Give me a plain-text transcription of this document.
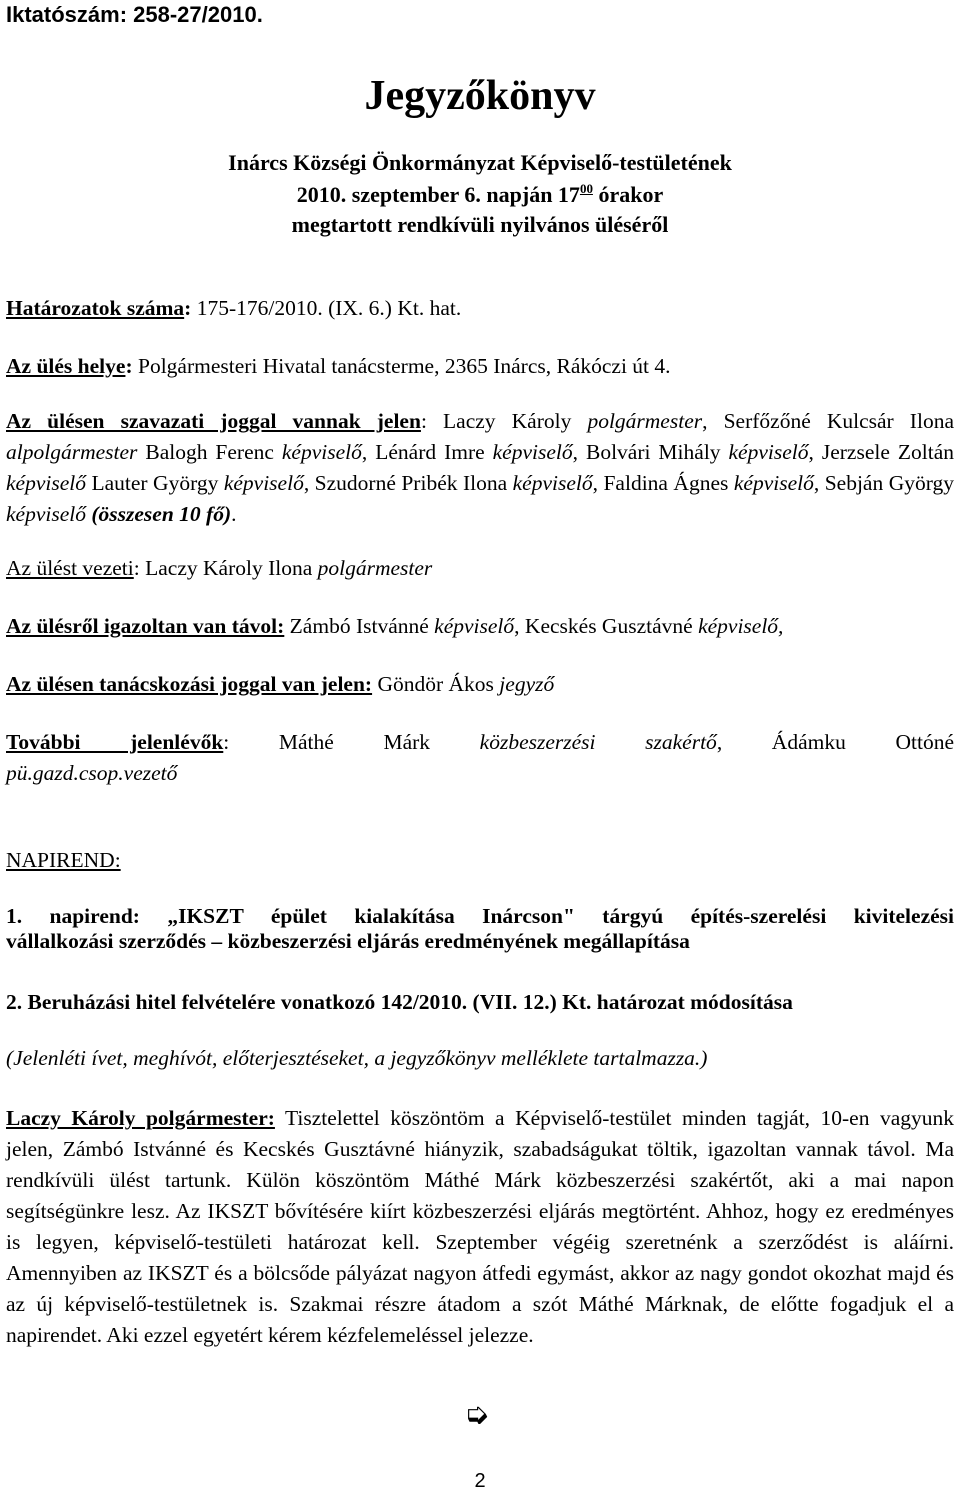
Iktatószám: 258-27/2010.
Jegyzőkönyv
Inárcs Községi Önkormányzat Képviselő-testületének
2010. szeptember 6. napján $17^{00}$ órakor
megtartott rendkívüli nyilvános üléséről
Határozatok száma: 175-176/2010. (IX. 6.) Kt. hat.
Az ülés helye: Polgármesteri Hivatal tanácsterme, 2365 Inárcs, Rákóczi út 4.
Az ülésen szavazati joggal vannak jelen: Laczy Károly polgármester, Serfőzőné Kulcsár Ilona alpolgármester Balogh Ferenc képviselő, Lénárd Imre képviselő, Bolvári Mihály képviselő, Jerzsele Zoltán képviselő Lauter György képviselő, Szudorné Pribék Ilona képviselő, Faldina Ágnes képviselő, Sebján György képviselő (összesen 10 fő).
Az ülést vezeti: Laczy Károly Ilona polgármester
Az ülésről igazoltan van távol: Zámbó Istvánné képviselő, Kecskés Gusztávné képviselő,
Az ülésen tanácskozási joggal van jelen: Göndör Ákos jegyző
További jelenlévők: Máthé Márk közbeszerzési szakértő, Ádámku Ottóné
pü.gazd.csop.vezető
NAPIREND:
1. napirend: „IKSZT épület kialakítása Inárcson" tárgyú építés-szerelési kivitelezési
vállalkozási szerződés – közbeszerzési eljárás eredményének megállapítása
2. Beruházási hitel felvételére vonatkozó 142/2010. (VII. 12.) Kt. határozat módosítása
(Jelenléti ívet, meghívót, előterjesztéseket, a jegyzőkönyv melléklete tartalmazza.)
Laczy Károly polgármester: Tisztelettel köszöntöm a Képviselő-testület minden tagját, 10-en vagyunk jelen, Zámbó Istvánné és Kecskés Gusztávné hiányzik, szabadságukat töltik, igazoltan vannak távol. Ma rendkívüli ülést tartunk. Külön köszöntöm Máthé Márk közbeszerzési szakértőt, aki a mai napon segítségünkre lesz. Az IKSZT bővítésére kiírt közbeszerzési eljárás megtörtént. Ahhoz, hogy ez eredményes is legyen, képviselő-testületi határozat kell. Szeptember végéig szeretnénk a szerződést is aláírni. Amennyiben az IKSZT és a bölcsőde pályázat nagyon átfedi egymást, akkor az nagy gondot okozhat majd és az új képviselő-testületnek is. Szakmai részre átadom a szót Máthé Márknak, de előtte fogadjuk el a napirendet. Aki ezzel egyetért kérem kézfelemeléssel jelezze.
➭
2
